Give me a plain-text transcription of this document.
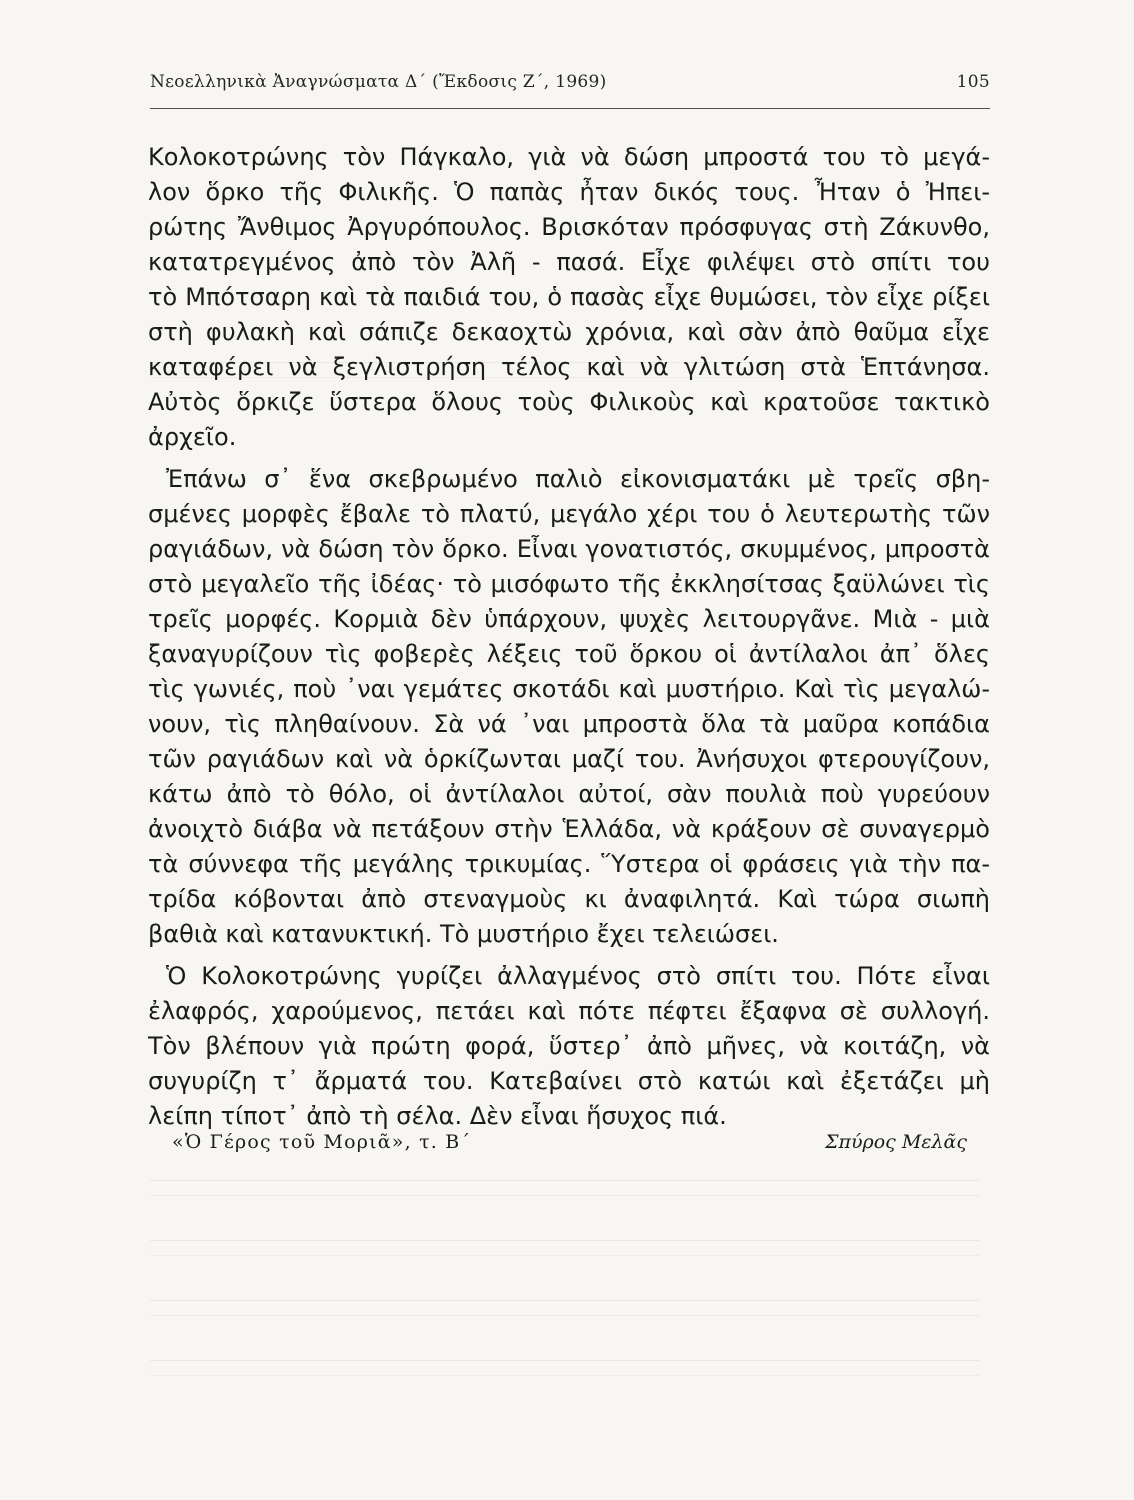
Νεοελληνικὰ Ἀναγνώσματα Δ΄ (Ἔκδοσις Ζ΄, 1969)	105
Κολοκοτρώνης τὸν Πάγκαλο, γιὰ νὰ δώση μπροστά του τὸ μεγά-
λον ὅρκο τῆς Φιλικῆς. Ὁ παπὰς ἦταν δικός τους. Ἦταν ὁ Ἠπει-
ρώτης Ἄνθιμος Ἀργυρόπουλος. Βρισκόταν πρόσφυγας στὴ Ζάκυνθο,
κατατρεγμένος ἀπὸ τὸν Ἀλῆ - πασά. Εἶχε φιλέψει στὸ σπίτι του
τὸ Μπότσαρη καὶ τὰ παιδιά του, ὁ πασὰς εἶχε θυμώσει, τὸν εἶχε ρίξει
στὴ φυλακὴ καὶ σάπιζε δεκαοχτὼ χρόνια, καὶ σὰν ἀπὸ θαῦμα εἶχε
καταφέρει νὰ ξεγλιστρήση τέλος καὶ νὰ γλιτώση στὰ Ἑπτάνησα.
Αὐτὸς ὅρκιζε ὕστερα ὅλους τοὺς Φιλικοὺς καὶ κρατοῦσε τακτικὸ
ἀρχεῖο.
Ἐπάνω σ᾿ ἕνα σκεβρωμένο παλιὸ εἰκονισματάκι μὲ τρεῖς σβη-
σμένες μορφὲς ἔβαλε τὸ πλατύ, μεγάλο χέρι του ὁ λευτερωτὴς τῶν
ραγιάδων, νὰ δώση τὸν ὅρκο. Εἶναι γονατιστός, σκυμμένος, μπροστὰ
στὸ μεγαλεῖο τῆς ἰδέας· τὸ μισόφωτο τῆς ἐκκλησίτσας ξαϋλώνει τὶς
τρεῖς μορφές. Κορμιὰ δὲν ὑπάρχουν, ψυχὲς λειτουργᾶνε. Μιὰ - μιὰ
ξαναγυρίζουν τὶς φοβερὲς λέξεις τοῦ ὅρκου οἱ ἀντίλαλοι ἀπ᾿ ὅλες
τὶς γωνιές, ποὺ ᾿ναι γεμάτες σκοτάδι καὶ μυστήριο. Καὶ τὶς μεγαλώ-
νουν, τὶς πληθαίνουν. Σὰ νά ᾿ναι μπροστὰ ὅλα τὰ μαῦρα κοπάδια
τῶν ραγιάδων καὶ νὰ ὁρκίζωνται μαζί του. Ἀνήσυχοι φτερουγίζουν,
κάτω ἀπὸ τὸ θόλο, οἱ ἀντίλαλοι αὐτοί, σὰν πουλιὰ ποὺ γυρεύουν
ἀνοιχτὸ διάβα νὰ πετάξουν στὴν Ἑλλάδα, νὰ κράξουν σὲ συναγερμὸ
τὰ σύννεφα τῆς μεγάλης τρικυμίας. Ὕστερα οἱ φράσεις γιὰ τὴν πα-
τρίδα κόβονται ἀπὸ στεναγμοὺς κι ἀναφιλητά. Καὶ τώρα σιωπὴ
βαθιὰ καὶ κατανυκτική. Τὸ μυστήριο ἔχει τελειώσει.
Ὁ Κολοκοτρώνης γυρίζει ἀλλαγμένος στὸ σπίτι του. Πότε εἶναι
ἐλαφρός, χαρούμενος, πετάει καὶ πότε πέφτει ἔξαφνα σὲ συλλογή.
Τὸν βλέπουν γιὰ πρώτη φορά, ὕστερ᾿ ἀπὸ μῆνες, νὰ κοιτάζη, νὰ
συγυρίζη τ᾿ ἄρματά του. Κατεβαίνει στὸ κατώι καὶ ἐξετάζει μὴ
λείπη τίποτ᾿ ἀπὸ τὴ σέλα. Δὲν εἶναι ἥσυχος πιά.
«Ὁ Γέρος τοῦ Μοριᾶ», τ. Β΄	Σπύρος Μελᾶς
